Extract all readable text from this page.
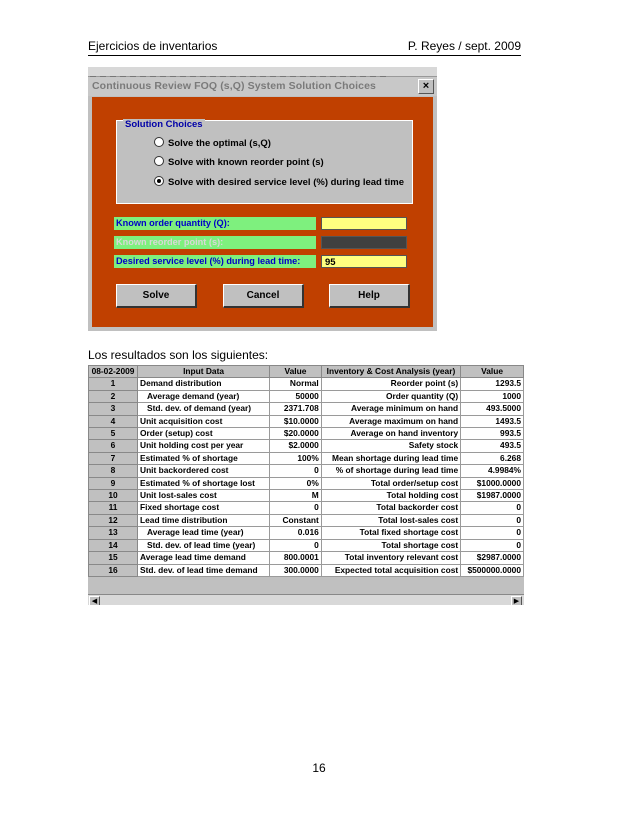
Ejercicios de inventarios	P. Reyes / sept. 2009
Continuous Review FOQ (s,Q) System Solution Choices	×
Solution Choices
Solve the optimal (s,Q)
Solve with known reorder point (s)
Solve with desired service level (%) during lead time
Known order quantity (Q):
Known reorder point (s):
Desired service level (%) during lead time:	95
Solve	Cancel	Help
Los resultados son los siguientes:
08-02-2009	Input Data	Value	Inventory & Cost Analysis (year)	Value
1	Demand distribution	Normal	Reorder point (s)	1293.5
2	Average demand (year)	50000	Order quantity (Q)	1000
3	Std. dev. of demand (year)	2371.708	Average minimum on hand	493.5000
4	Unit acquisition cost	$10.0000	Average maximum on hand	1493.5
5	Order (setup) cost	$20.0000	Average on hand inventory	993.5
6	Unit holding cost per year	$2.0000	Safety stock	493.5
7	Estimated % of shortage	100%	Mean shortage during lead time	6.268
8	Unit backordered cost	0	% of shortage during lead time	4.9984%
9	Estimated % of shortage lost	0%	Total order/setup cost	$1000.0000
10	Unit lost-sales cost	M	Total holding cost	$1987.0000
11	Fixed shortage cost	0	Total backorder cost	0
12	Lead time distribution	Constant	Total lost-sales cost	0
13	Average lead time (year)	0.016	Total fixed shortage cost	0
14	Std. dev. of lead time (year)	0	Total shortage cost	0
15	Average lead time demand	800.0001	Total inventory relevant cost	$2987.0000
16	Std. dev. of lead time demand	300.0000	Expected total acquisition cost	$500000.0000
◀	▶
16
